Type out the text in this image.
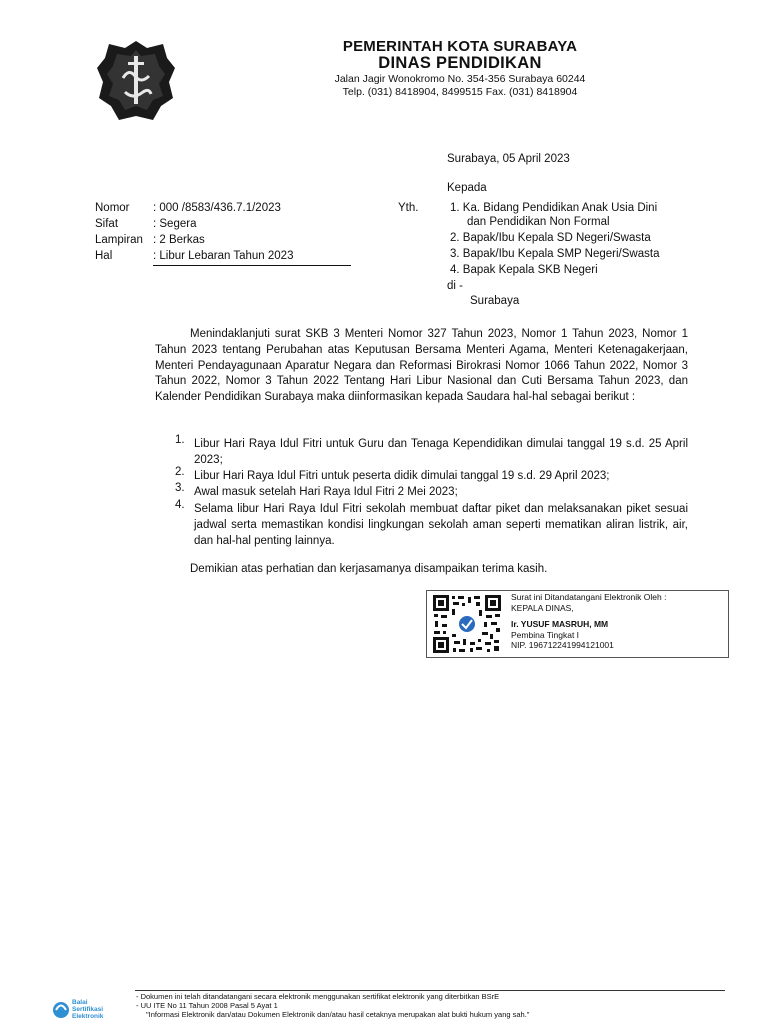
PEMERINTAH KOTA SURABAYA
DINAS PENDIDIKAN
Jalan Jagir Wonokromo No. 354-356 Surabaya 60244
Telp. (031) 8418904, 8499515 Fax. (031) 8418904
Surabaya, 05 April 2023
Kepada
Nomor : 000 /8583/436.7.1/2023
Sifat	: Segera
Lampiran : 2 Berkas
Hal	: Libur Lebaran Tahun 2023
Yth.	1. Ka. Bidang Pendidikan Anak Usia Dini
dan Pendidikan Non Formal
2. Bapak/Ibu Kepala SD Negeri/Swasta
3. Bapak/Ibu Kepala SMP Negeri/Swasta
4. Bapak Kepala SKB Negeri
di -
Surabaya
Menindaklanjuti surat SKB 3 Menteri Nomor 327 Tahun 2023, Nomor 1 Tahun 2023, Nomor 1 Tahun 2023 tentang Perubahan atas Keputusan Bersama Menteri Agama, Menteri Ketenagakerjaan, Menteri Pendayagunaan Aparatur Negara dan Reformasi Birokrasi Nomor 1066 Tahun 2022, Nomor 3 Tahun 2022, Nomor 3 Tahun 2022 Tentang Hari Libur Nasional dan Cuti Bersama Tahun 2023, dan Kalender Pendidikan Surabaya maka diinformasikan kepada Saudara hal-hal sebagai berikut :
1. Libur Hari Raya Idul Fitri untuk Guru dan Tenaga Kependidikan dimulai tanggal 19 s.d. 25 April 2023;
2. Libur Hari Raya Idul Fitri untuk peserta didik dimulai tanggal 19 s.d. 29 April 2023;
3. Awal masuk setelah Hari Raya Idul Fitri 2 Mei 2023;
4. Selama libur Hari Raya Idul Fitri sekolah membuat daftar piket dan melaksanakan piket sesuai jadwal serta memastikan kondisi lingkungan sekolah aman seperti mematikan aliran listrik, air, dan hal-hal penting lainnya.
Demikian atas perhatian dan kerjasamanya disampaikan terima kasih.
Surat ini Ditandatangani Elektronik Oleh :
KEPALA DINAS,
Ir. YUSUF MASRUH, MM
Pembina Tingkat I
NIP. 196712241994121001
Balai
Sertifikasi
Elektronik
- Dokumen ini telah ditandatangani secara elektronik menggunakan sertifikat elektronik yang diterbitkan BSrE
- UU ITE No 11 Tahun 2008 Pasal 5 Ayat 1
"Informasi Elektronik dan/atau Dokumen Elektronik dan/atau hasil cetaknya merupakan alat bukti hukum yang sah."
